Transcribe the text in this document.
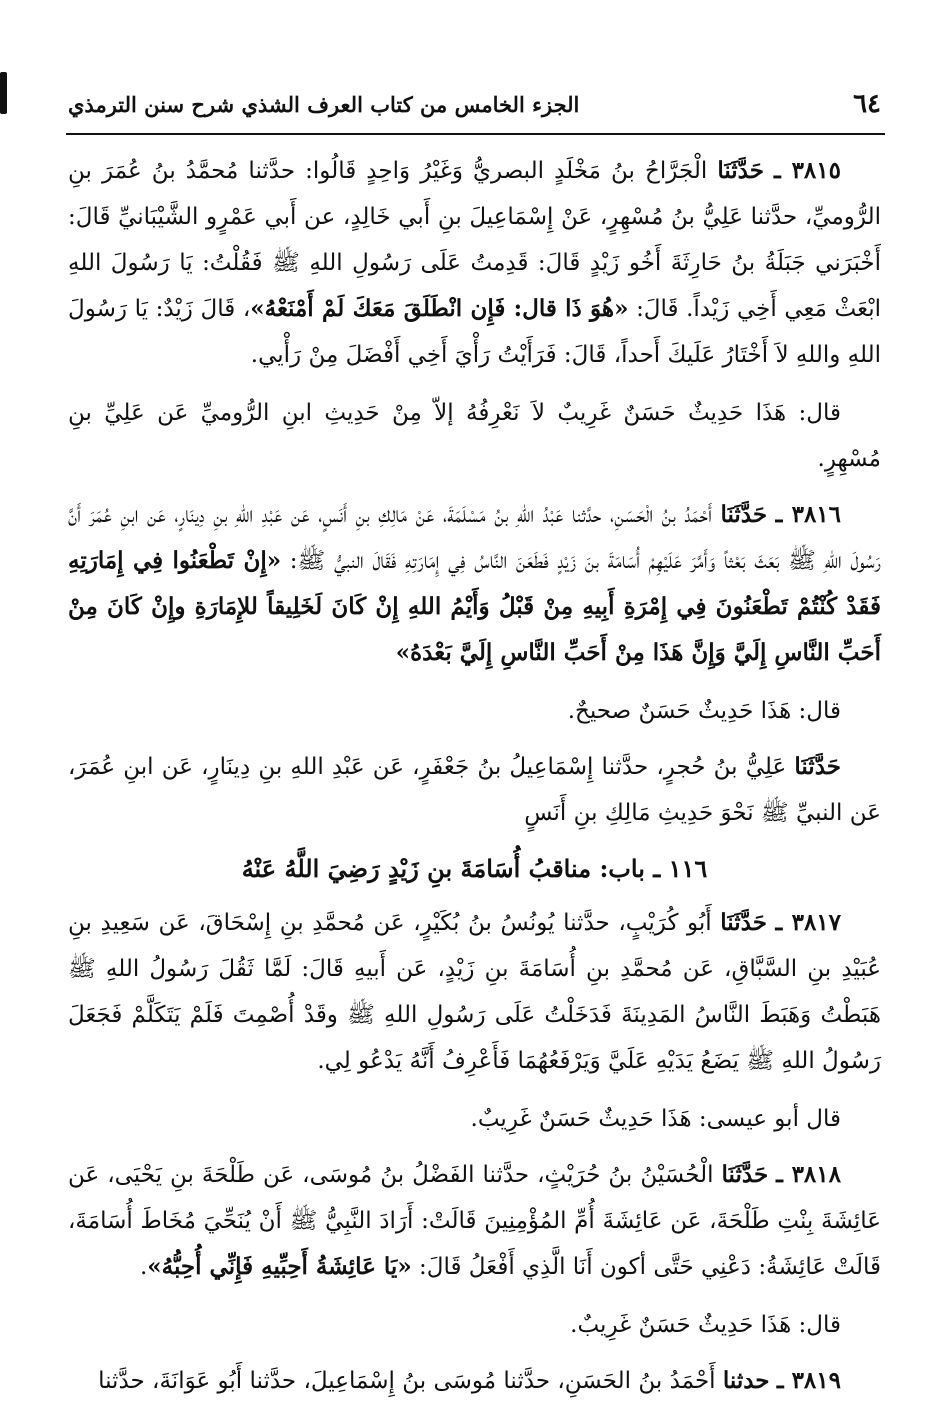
٦٤
الجزء الخامس من كتاب العرف الشذي شرح سنن الترمذي

٣٨١٥ ـ حَدَّثَنَا الْجَرَّاحُ بنُ مَخْلَدٍ البصريُّ وَغَيْرُ وَاحِدٍ قَالُوا: حدَّثنا مُحمَّدُ بنُ عُمَرَ بنِ الرُّوميِّ، حدَّثنا عَلِيُّ بنُ مُسْهِرٍ، عَنْ إِسْمَاعِيلَ بنِ أَبي خَالِدٍ، عن أَبي عَمْرٍو الشَّيْبَانيِّ قَالَ: أَخْبَرَني جَبَلَةُ بنُ حَارِثَةَ أَخُو زَيْدٍ قَالَ: قَدِمتُ عَلَى رَسُولِ اللهِ ﷺ فَقُلْتُ: يَا رَسُولَ اللهِ ابْعَثْ مَعِي أَخِي زَيْداً. قَالَ: «هُوَ ذَا قال: فَإِن انْطَلَقَ مَعَكَ لَمْ أَمْنَعْهُ»، قَالَ زَيْدٌ: يَا رَسُولَ اللهِ واللهِ لاَ أَخْتَارُ عَلَيكَ أَحداً، قَالَ: فَرَأَيْتُ رَأْيَ أَخِي أَفْضَلَ مِنْ رَأْيي.

قال: هَذَا حَدِيثٌ حَسَنٌ غَرِيبٌ لاَ نَعْرِفُهُ إلاّ مِنْ حَدِيثِ ابنِ الرُّوميِّ عَن عَلِيِّ بنِ مُسْهِرٍ.

٣٨١٦ ـ حَدَّثَنَا أَحْمَدُ بنُ الْحَسَنِ، حدَّثنا عَبْدُ اللهِ بنُ مَسْلَمَةَ، عَنْ مَالِكِ بنِ أَنَسٍ، عَن عَبْدِ اللهِ بنِ دِينَارٍ، عَن ابنِ عُمَرَ أَنَّ رَسُولَ اللهِ ﷺ بَعَثَ بَعْثاً وَأَمَّرَ عَلَيْهِمْ أُسَامَةَ بنَ زَيْدٍ فَطَعَنَ النَّاسُ فِي إِمَارَتِهِ فَقَالَ النبيُّ ﷺ: «إِنْ تَطْعَنُوا فِي إِمَارَتِهِ فَقَدْ كُنْتُمْ تَطْعَنُونَ فِي إِمْرَةِ أَبِيهِ مِنْ قَبْلُ وَأَيْمُ اللهِ إِنْ كَانَ لَخَلِيقاً للإِمَارَةِ وإِنْ كَانَ مِنْ أَحَبِّ النَّاسِ إِلَيَّ وَإِنَّ هَذَا مِنْ أَحَبِّ النَّاسِ إِلَيَّ بَعْدَهُ»

قال: هَذَا حَدِيثٌ حَسَنٌ صحيحٌ.

حَدَّثَنَا عَلِيُّ بنُ حُجرٍ، حدَّثنا إِسْمَاعِيلُ بنُ جَعْفَرٍ، عَن عَبْدِ اللهِ بنِ دِينَارٍ، عَن ابنِ عُمَرَ، عَن النبيِّ ﷺ نَحْوَ حَدِيثِ مَالِكِ بنِ أَنَسٍ

١١٦ ـ باب: مناقبُ أُسَامَةَ بنِ زَيْدٍ رَضِيَ اللَّهُ عَنْهُ

٣٨١٧ ـ حَدَّثَنَا أَبُو كُرَيْبٍ، حدَّثنا يُونُسُ بنُ بُكَيْرٍ، عَن مُحمَّدِ بنِ إِسْحَاقَ، عَن سَعِيدِ بنِ عُبَيْدِ بنِ السَّبَّاقِ، عَن مُحمَّدِ بنِ أُسَامَةَ بنِ زَيْدٍ، عَن أَبيهِ قَالَ: لَمَّا ثَقُلَ رَسُولُ اللهِ ﷺ هَبَطْتُ وَهَبَطَ النَّاسُ المَدِينَةَ فَدَخَلْتُ عَلَى رَسُولِ اللهِ ﷺ وقَدْ أُصْمِتَ فَلَمْ يَتَكَلَّمْ فَجَعَلَ رَسُولُ اللهِ ﷺ يَضَعُ يَدَيْهِ عَلَيَّ وَيَرْفَعُهُمَا فَأَعْرِفُ أَنَّهُ يَدْعُو لِي.

قال أبو عيسى: هَذَا حَدِيثٌ حَسَنٌ غَرِيبٌ.

٣٨١٨ ـ حَدَّثَنَا الْحُسَيْنُ بنُ حُرَيْثٍ، حدَّثنا الفَضْلُ بنُ مُوسَى، عَن طَلْحَةَ بنِ يَحْيَى، عَن عَائِشَةَ بِنْتِ طَلْحَةَ، عَن عَائِشَةَ أُمِّ المُؤْمِنِينَ قَالَتْ: أَرَادَ النَّبِيُّ ﷺ أَنْ يُنَحِّيَ مُخَاطَ أُسَامَةَ، قَالَتْ عَائِشَةُ: دَعْنِي حَتَّى أكون أَنَا الَّذِي أَفْعَلُ قَالَ: «يَا عَائِشَةُ أَحِبِّيهِ فَإِنِّي أُحِبُّهُ».

قال: هَذَا حَدِيثٌ حَسَنٌ غَرِيبٌ.

٣٨١٩ ـ حدثنا أَحْمَدُ بنُ الحَسَنِ، حدَّثنا مُوسَى بنُ إِسْمَاعِيلَ، حدَّثنا أَبُو عَوَانَةَ، حدَّثنا
